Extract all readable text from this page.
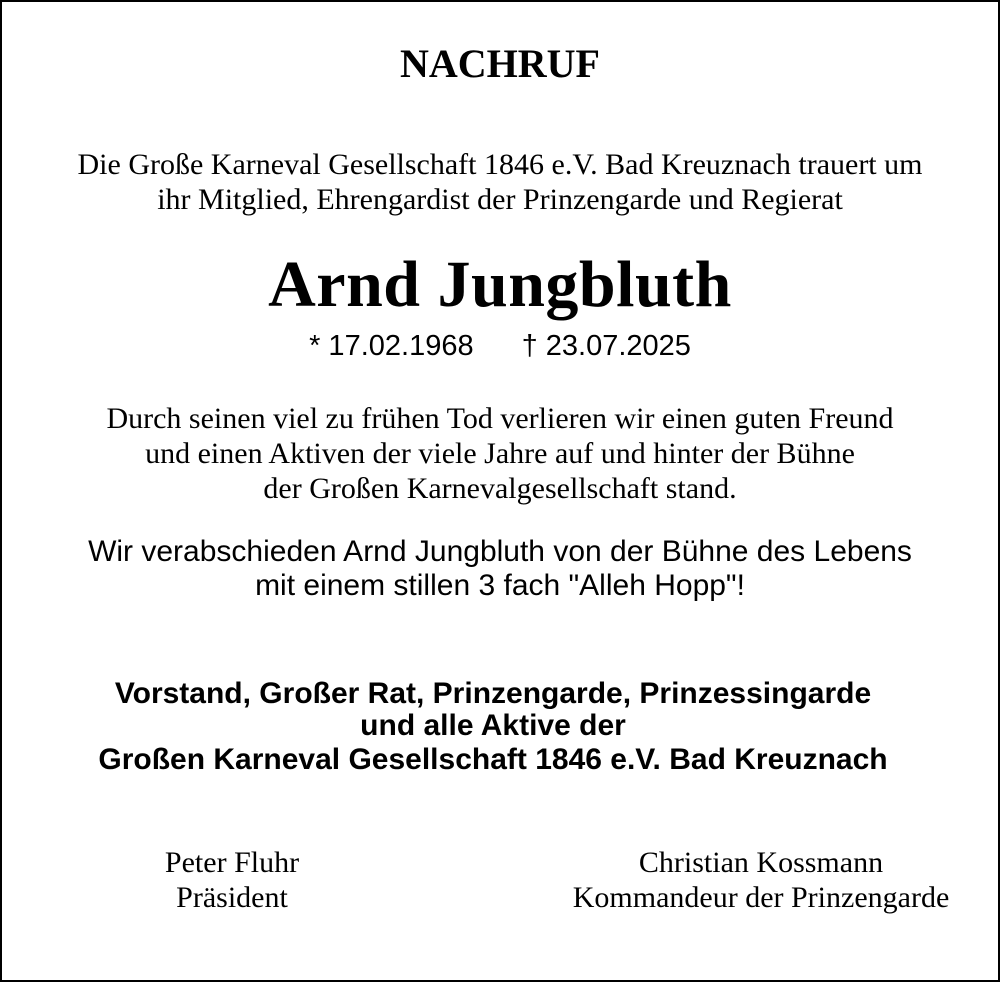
NACHRUF
Die Große Karneval Gesellschaft 1846 e.V. Bad Kreuznach trauert um
ihr Mitglied, Ehrengardist der Prinzengarde und Regierat
Arnd Jungbluth
* 17.02.1968 † 23.07.2025
Durch seinen viel zu frühen Tod verlieren wir einen guten Freund
und einen Aktiven der viele Jahre auf und hinter der Bühne
der Großen Karnevalgesellschaft stand.
Wir verabschieden Arnd Jungbluth von der Bühne des Lebens
mit einem stillen 3 fach "Alleh Hopp"!
Vorstand, Großer Rat, Prinzengarde, Prinzessingarde
und alle Aktive der
Großen Karneval Gesellschaft 1846 e.V. Bad Kreuznach
Peter Fluhr
Präsident
Christian Kossmann
Kommandeur der Prinzengarde
